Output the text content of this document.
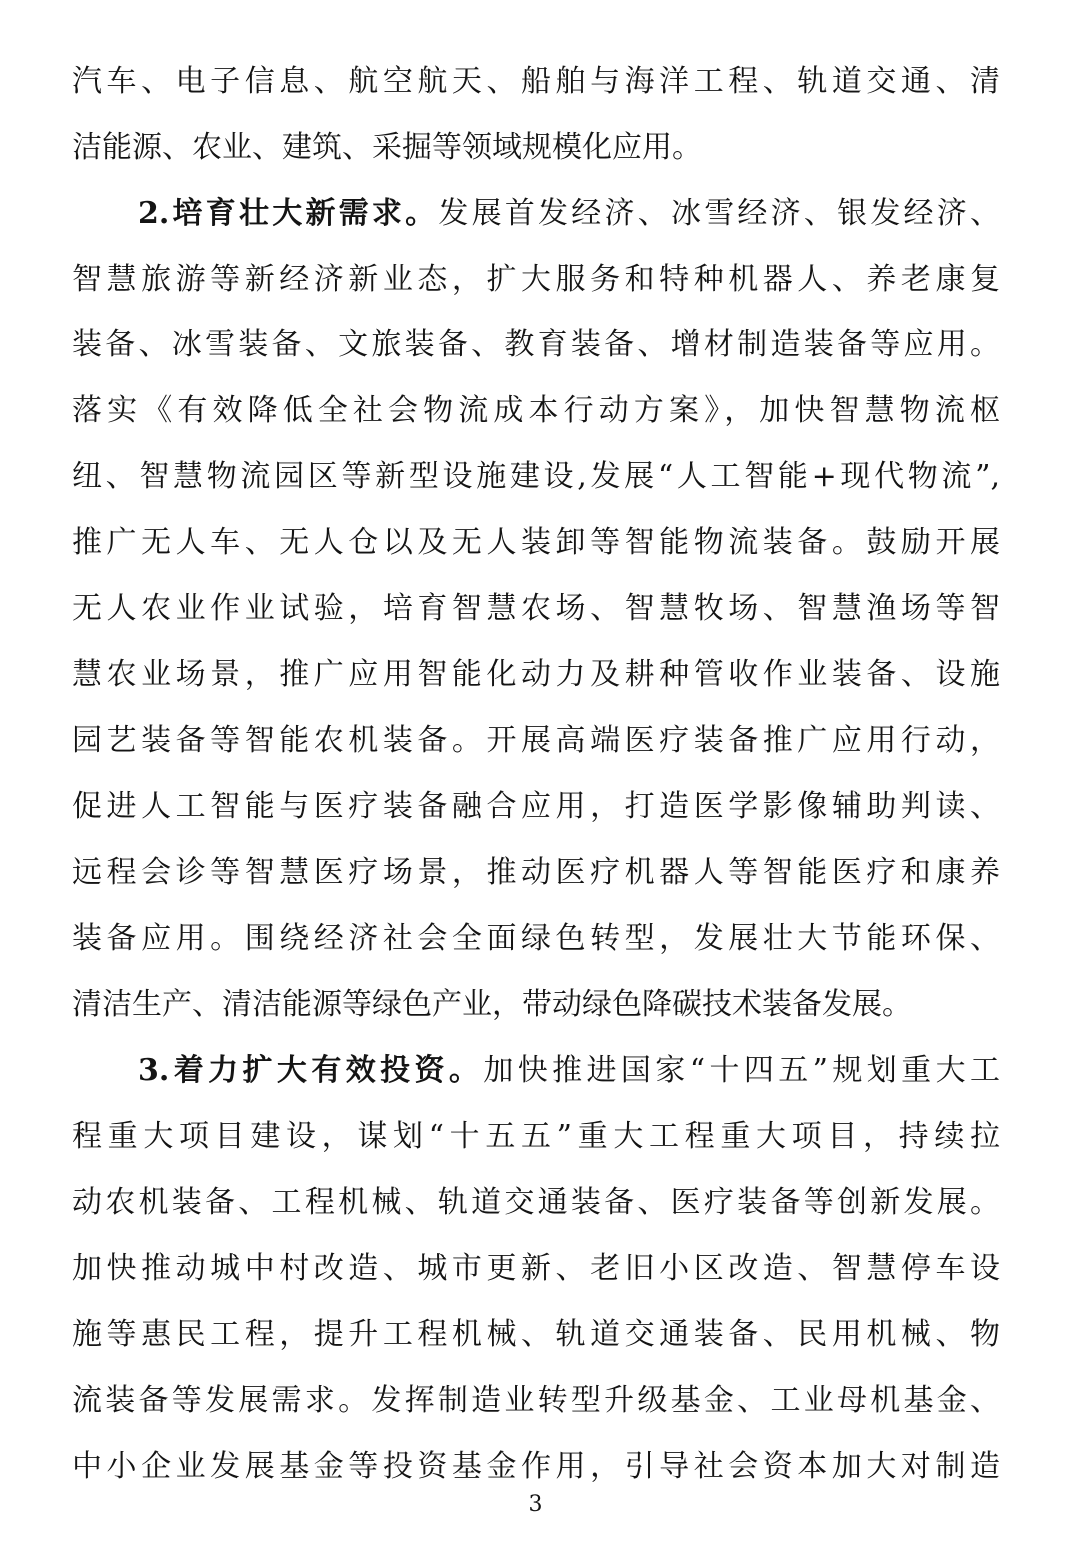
汽车、电子信息、航空航天、船舶与海洋工程、轨道交通、清
洁能源、农业、建筑、采掘等领域规模化应用。
2.培育壮大新需求。发展首发经济、冰雪经济、银发经济、
智慧旅游等新经济新业态，扩大服务和特种机器人、养老康复
装备、冰雪装备、文旅装备、教育装备、增材制造装备等应用。
落实《有效降低全社会物流成本行动方案》，加快智慧物流枢
纽、智慧物流园区等新型设施建设,发展“人工智能+现代物流”,
推广无人车、无人仓以及无人装卸等智能物流装备。鼓励开展
无人农业作业试验，培育智慧农场、智慧牧场、智慧渔场等智
慧农业场景，推广应用智能化动力及耕种管收作业装备、设施
园艺装备等智能农机装备。开展高端医疗装备推广应用行动，
促进人工智能与医疗装备融合应用，打造医学影像辅助判读、
远程会诊等智慧医疗场景，推动医疗机器人等智能医疗和康养
装备应用。围绕经济社会全面绿色转型，发展壮大节能环保、
清洁生产、清洁能源等绿色产业，带动绿色降碳技术装备发展。
3.着力扩大有效投资。加快推进国家“十四五”规划重大工
程重大项目建设，谋划“十五五”重大工程重大项目，持续拉
动农机装备、工程机械、轨道交通装备、医疗装备等创新发展。
加快推动城中村改造、城市更新、老旧小区改造、智慧停车设
施等惠民工程，提升工程机械、轨道交通装备、民用机械、物
流装备等发展需求。发挥制造业转型升级基金、工业母机基金、
中小企业发展基金等投资基金作用，引导社会资本加大对制造
3
